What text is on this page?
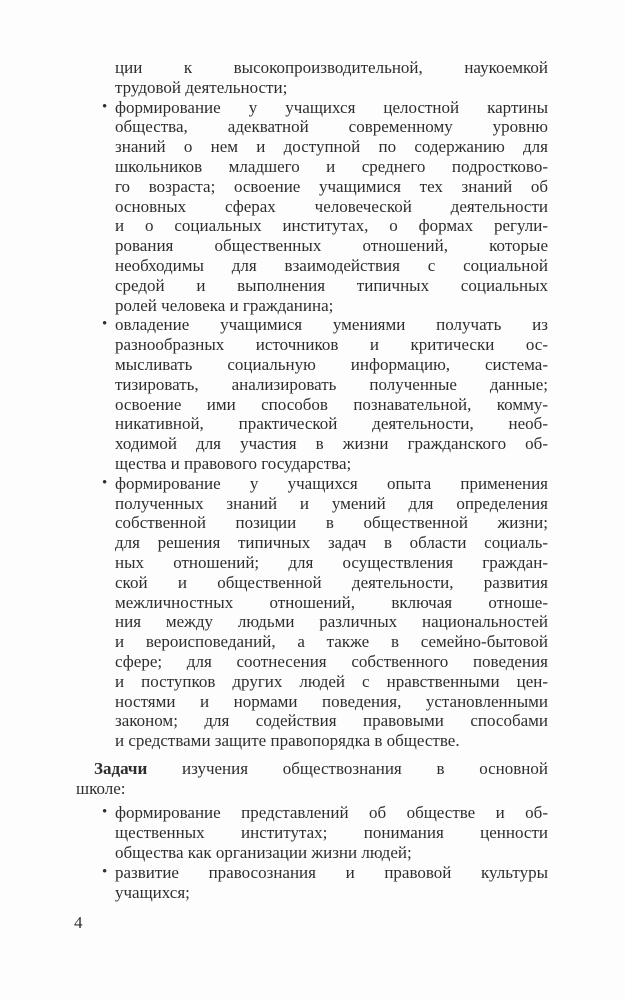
ции к высокопроизводительной, наукоемкой
трудовой деятельности;
• формирование у учащихся целостной картины
общества, адекватной современному уровню
знаний о нем и доступной по содержанию для
школьников младшего и среднего подростково-
го возраста; освоение учащимися тех знаний об
основных сферах человеческой деятельности
и о социальных институтах, о формах регули-
рования общественных отношений, которые
необходимы для взаимодействия с социальной
средой и выполнения типичных социальных
ролей человека и гражданина;
• овладение учащимися умениями получать из
разнообразных источников и критически ос-
мысливать социальную информацию, система-
тизировать, анализировать полученные данные;
освоение ими способов познавательной, комму-
никативной, практической деятельности, необ-
ходимой для участия в жизни гражданского об-
щества и правового государства;
• формирование у учащихся опыта применения
полученных знаний и умений для определения
собственной позиции в общественной жизни;
для решения типичных задач в области социаль-
ных отношений; для осуществления граждан-
ской и общественной деятельности, развития
межличностных отношений, включая отноше-
ния между людьми различных национальностей
и вероисповеданий, а также в семейно-бытовой
сфере; для соотнесения собственного поведения
и поступков других людей с нравственными цен-
ностями и нормами поведения, установленными
законом; для содействия правовыми способами
и средствами защите правопорядка в обществе.
Задачи изучения обществознания в основной
школе:
• формирование представлений об обществе и об-
щественных институтах; понимания ценности
общества как организации жизни людей;
• развитие правосознания и правовой культуры
учащихся;
4
